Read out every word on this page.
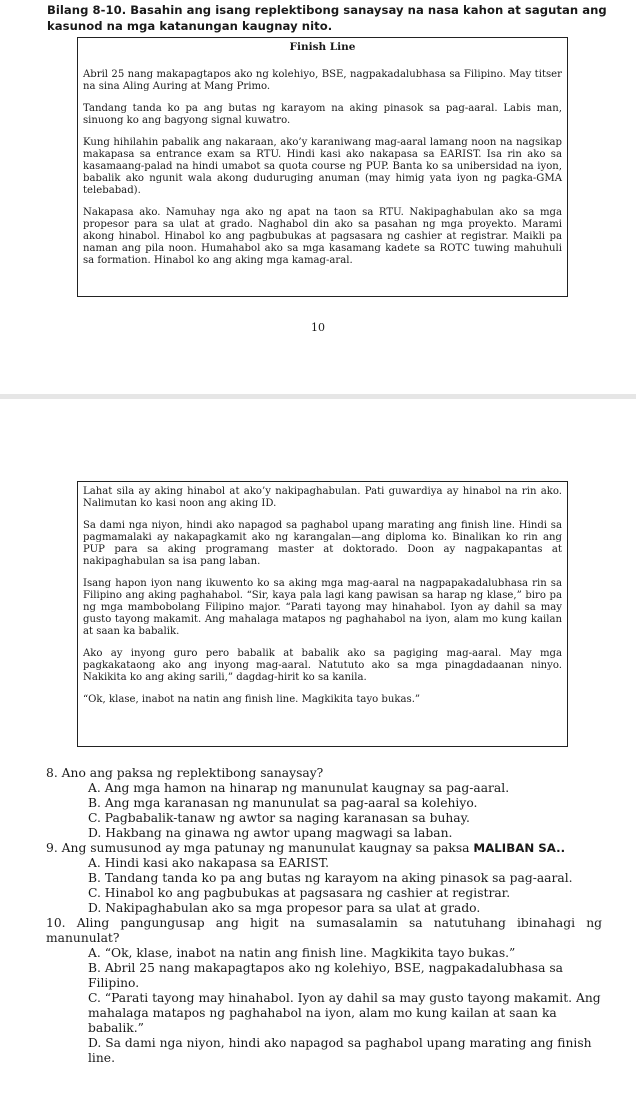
Bilang 8-10. Basahin ang isang replektibong sanaysay na nasa kahon at sagutan ang kasunod na mga katanungan kaugnay nito.
Finish Line

Abril 25 nang makapagtapos ako ng kolehiyo, BSE, nagpakadalubhasa sa Filipino. May titser na sina Aling Auring at Mang Primo.

Tandang tanda ko pa ang butas ng karayom na aking pinasok sa pag-aaral. Labis man, sinuong ko ang bagyong signal kuwatro.

Kung hihilahin pabalik ang nakaraan, ako’y karaniwang mag-aaral lamang noon na nagsikap makapasa sa entrance exam sa RTU. Hindi kasi ako nakapasa sa EARIST. Isa rin ako sa kasamaang-palad na hindi umabot sa quota course ng PUP. Banta ko sa unibersidad na iyon, babalik ako ngunit wala akong duduruging anuman (may himig yata iyon ng pagka-GMA telebabad).

Nakapasa ako. Namuhay nga ako ng apat na taon sa RTU. Nakipaghabulan ako sa mga propesor para sa ulat at grado. Naghabol din ako sa pasahan ng mga proyekto. Marami akong hinabol. Hinabol ko ang pagbubukas at pagsasara ng cashier at registrar. Maikli pa naman ang pila noon. Humahabol ako sa mga kasamang kadete sa ROTC tuwing mahuhuli sa formation. Hinabol ko ang aking mga kamag-aral.

10

Lahat sila ay aking hinabol at ako’y nakipaghabulan. Pati guwardiya ay hinabol na rin ako. Nalimutan ko kasi noon ang aking ID.

Sa dami nga niyon, hindi ako napagod sa paghabol upang marating ang finish line. Hindi sa pagmamalaki ay nakapagkamit ako ng karangalan—ang diploma ko. Binalikan ko rin ang PUP para sa aking programang master at doktorado. Doon ay nagpakapantas at nakipaghabulan sa isa pang laban.

Isang hapon iyon nang ikuwento ko sa aking mga mag-aaral na nagpapakadalubhasa rin sa Filipino ang aking paghahabol. “Sir, kaya pala lagi kang pawisan sa harap ng klase,” biro pa ng mga mambobolang Filipino major. “Parati tayong may hinahabol. Iyon ay dahil sa may gusto tayong makamit. Ang mahalaga matapos ng paghahabol na iyon, alam mo kung kailan at saan ka babalik.

Ako ay inyong guro pero babalik at babalik ako sa pagiging mag-aaral. May mga pagkakataong ako ang inyong mag-aaral. Natututo ako sa mga pinagdadaanan ninyo. Nakikita ko ang aking sarili,” dagdag-hirit ko sa kanila.

“Ok, klase, inabot na natin ang finish line. Magkikita tayo bukas.”

8. Ano ang paksa ng replektibong sanaysay?

A. Ang mga hamon na hinarap ng manunulat kaugnay sa pag-aaral.
B. Ang mga karanasan ng manunulat sa pag-aaral sa kolehiyo.
C. Pagbabalik-tanaw ng awtor sa naging karanasan sa buhay.
D. Hakbang na ginawa ng awtor upang magwagi sa laban.

9. Ang sumusunod ay mga patunay ng manunulat kaugnay sa paksa MALIBAN SA..

A. Hindi kasi ako nakapasa sa EARIST.
B. Tandang tanda ko pa ang butas ng karayom na aking pinasok sa pag-aaral.
C. Hinabol ko ang pagbubukas at pagsasara ng cashier at registrar.
D. Nakipaghabulan ako sa mga propesor para sa ulat at grado.

10. Aling pangungusap ang higit na sumasalamin sa natutuhang ibinahagi ng manunulat?

A. “Ok, klase, inabot na natin ang finish line. Magkikita tayo bukas.”
B. Abril 25 nang makapagtapos ako ng kolehiyo, BSE, nagpakadalubhasa sa Filipino.
C. “Parati tayong may hinahabol. Iyon ay dahil sa may gusto tayong makamit. Ang mahalaga matapos ng paghahabol na iyon, alam mo kung kailan at saan ka babalik.”
D. Sa dami nga niyon, hindi ako napagod sa paghabol upang marating ang finish line.
